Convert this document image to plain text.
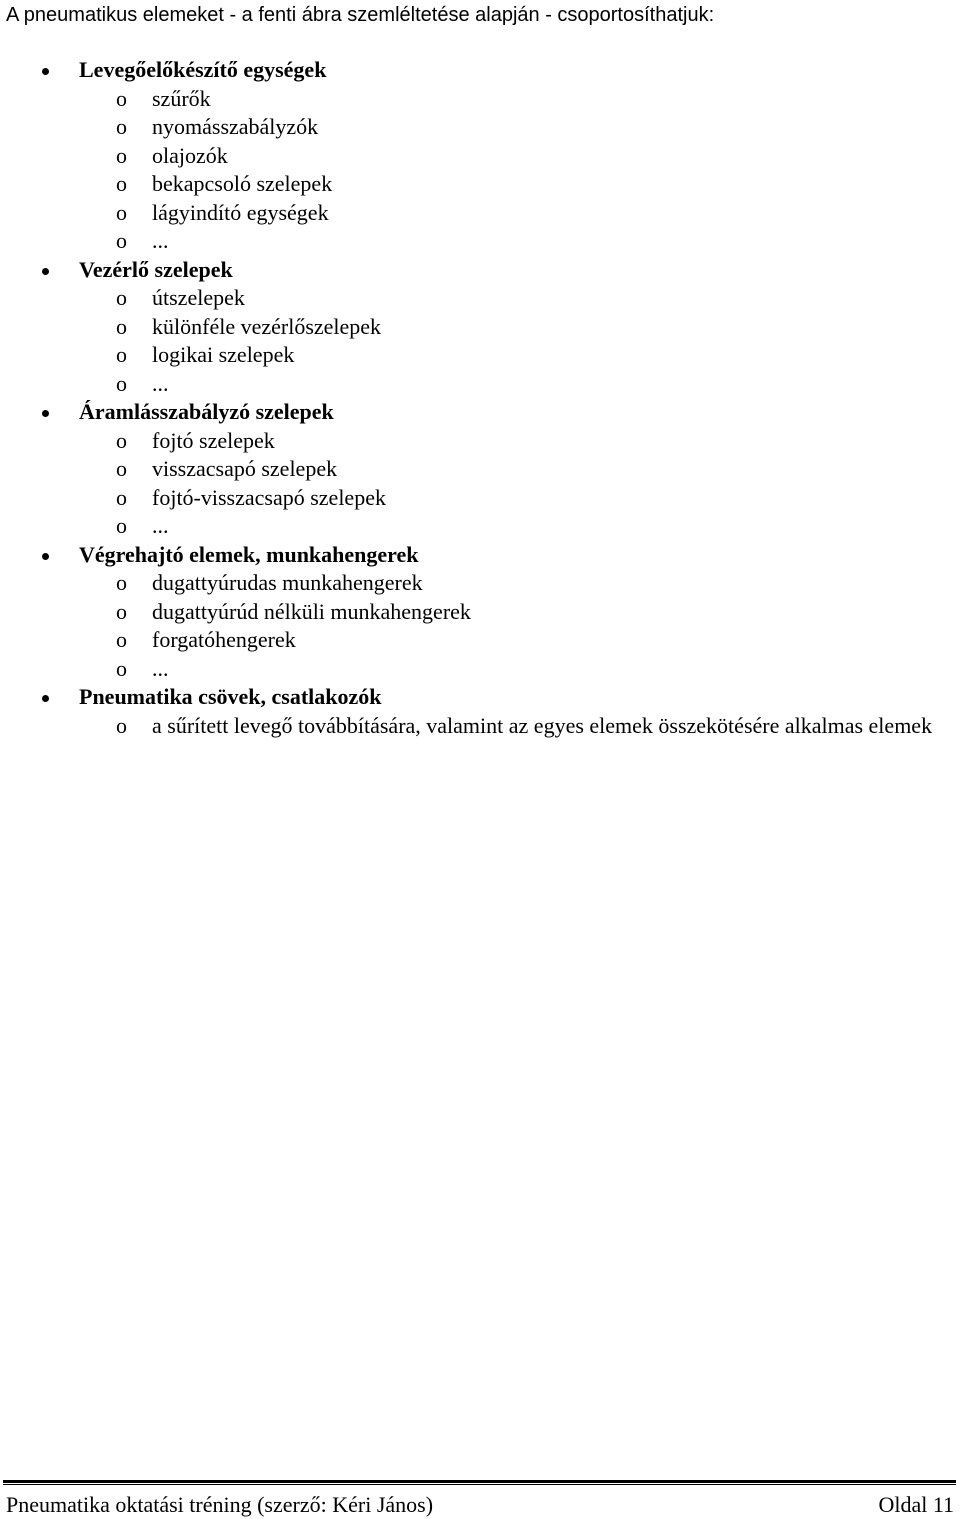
A pneumatikus elemeket - a fenti ábra szemléltetése alapján - csoportosíthatjuk:
Levegőelőkészítő egységek
o szűrők
o nyomásszabályzók
o olajozók
o bekapcsoló szelepek
o lágyindító egységek
o ...
Vezérlő szelepek
o útszelepek
o különféle vezérlőszelepek
o logikai szelepek
o ...
Áramlásszabályzó szelepek
o fojtó szelepek
o visszacsapó szelepek
o fojtó-visszacsapó szelepek
o ...
Végrehajtó elemek, munkahengerek
o dugattyúrudas munkahengerek
o dugattyúrúd nélküli munkahengerek
o forgatóhengerek
o ...
Pneumatika csövek, csatlakozók
o a sűrített levegő továbbítására, valamint az egyes elemek összekötésére alkalmas elemek
Pneumatika oktatási tréning (szerző: Kéri János)	Oldal 11
